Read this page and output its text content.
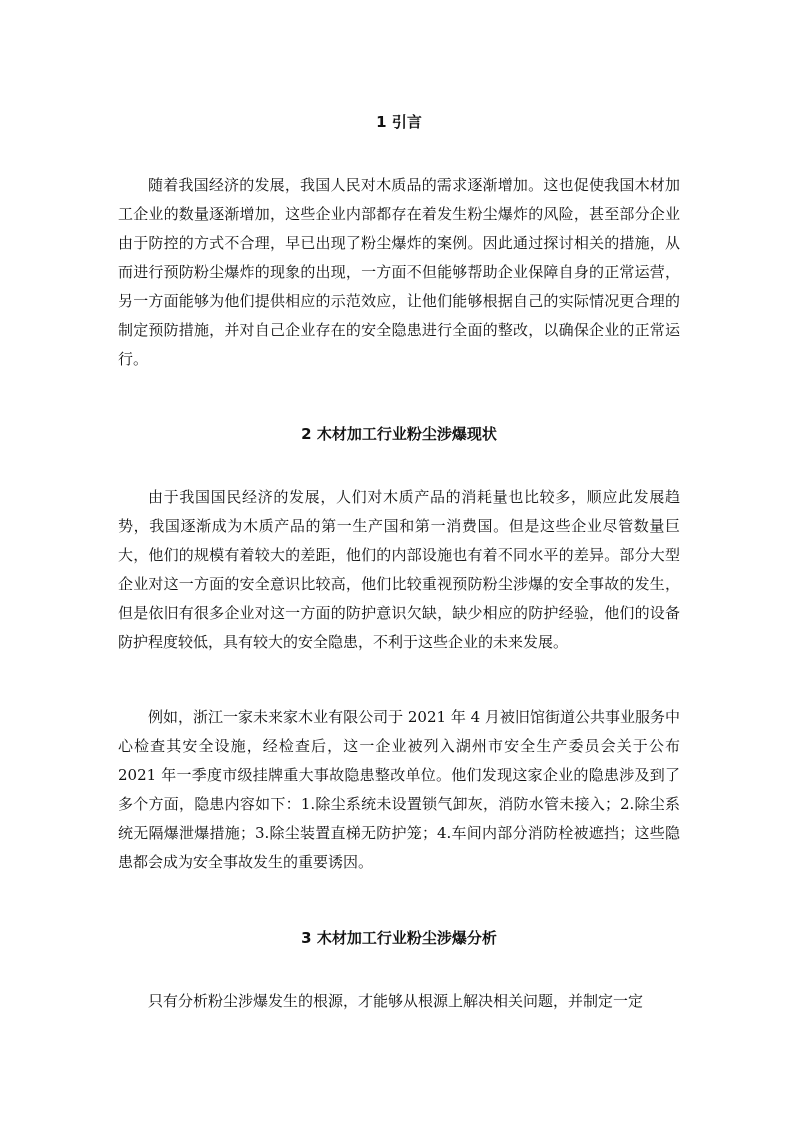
1 引言

随着我国经济的发展，我国人民对木质品的需求逐渐增加。这也促使我国木材加工企业的数量逐渐增加，这些企业内部都存在着发生粉尘爆炸的风险，甚至部分企业由于防控的方式不合理，早已出现了粉尘爆炸的案例。因此通过探讨相关的措施，从而进行预防粉尘爆炸的现象的出现，一方面不但能够帮助企业保障自身的正常运营，另一方面能够为他们提供相应的示范效应，让他们能够根据自己的实际情况更合理的制定预防措施，并对自己企业存在的安全隐患进行全面的整改，以确保企业的正常运行。

2 木材加工行业粉尘涉爆现状

由于我国国民经济的发展，人们对木质产品的消耗量也比较多，顺应此发展趋势，我国逐渐成为木质产品的第一生产国和第一消费国。但是这些企业尽管数量巨大，他们的规模有着较大的差距，他们的内部设施也有着不同水平的差异。部分大型企业对这一方面的安全意识比较高，他们比较重视预防粉尘涉爆的安全事故的发生，但是依旧有很多企业对这一方面的防护意识欠缺，缺少相应的防护经验，他们的设备防护程度较低，具有较大的安全隐患，不利于这些企业的未来发展。

例如，浙江一家未来家木业有限公司于 2021 年 4 月被旧馆街道公共事业服务中心检查其安全设施，经检查后，这一企业被列入湖州市安全生产委员会关于公布 2021 年一季度市级挂牌重大事故隐患整改单位。他们发现这家企业的隐患涉及到了多个方面，隐患内容如下：1.除尘系统未设置锁气卸灰，消防水管未接入；2.除尘系统无隔爆泄爆措施；3.除尘装置直梯无防护笼；4.车间内部分消防栓被遮挡；这些隐患都会成为安全事故发生的重要诱因。

3 木材加工行业粉尘涉爆分析

只有分析粉尘涉爆发生的根源，才能够从根源上解决相关问题，并制定一定
